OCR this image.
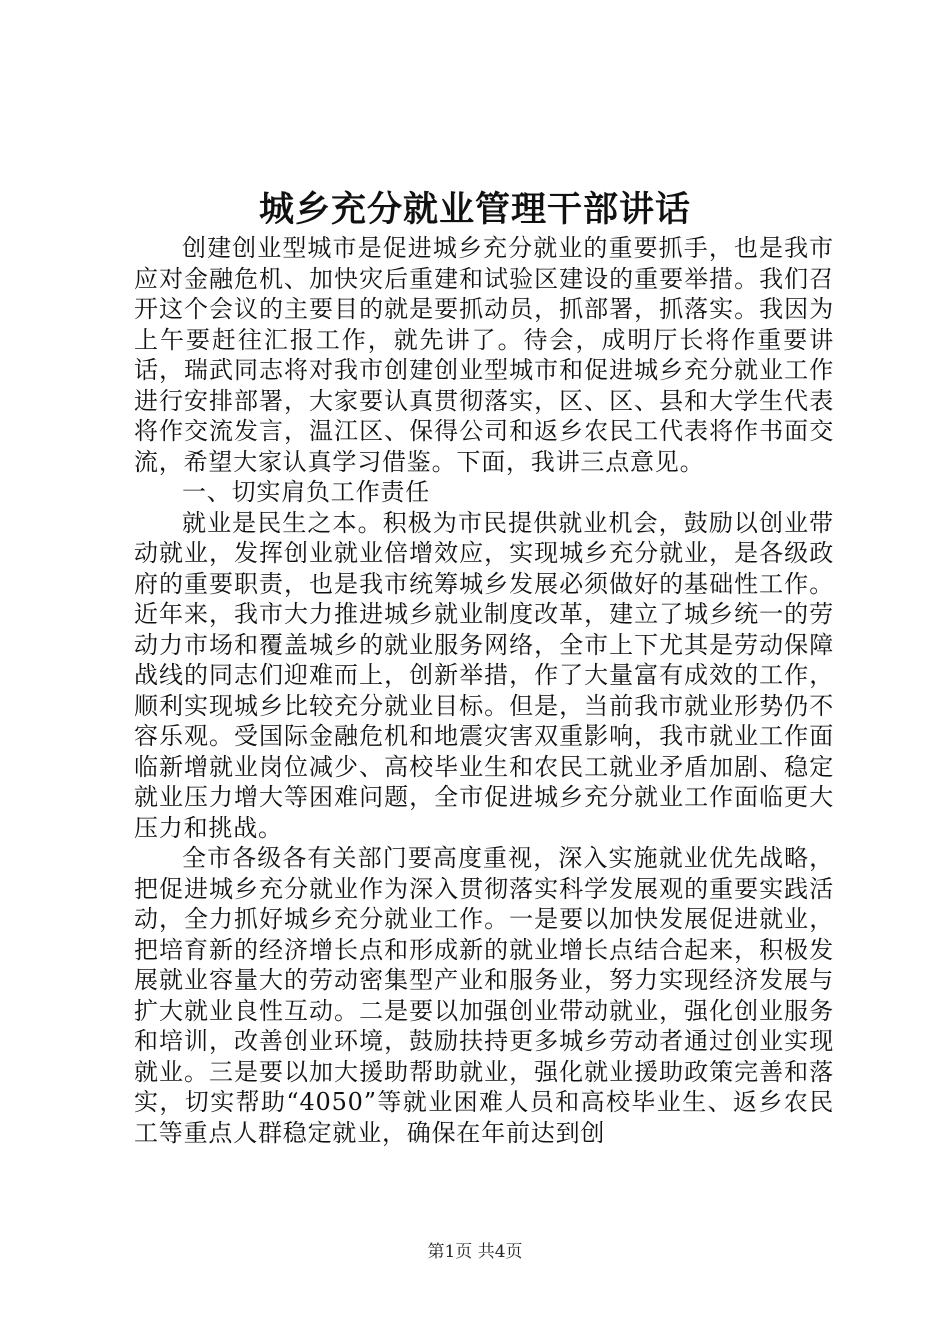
城乡充分就业管理干部讲话

创建创业型城市是促进城乡充分就业的重要抓手，也是我市应对金融危机、加快灾后重建和试验区建设的重要举措。我们召开这个会议的主要目的就是要抓动员，抓部署，抓落实。我因为上午要赶往汇报工作，就先讲了。待会，成明厅长将作重要讲话，瑞武同志将对我市创建创业型城市和促进城乡充分就业工作进行安排部署，大家要认真贯彻落实，区、区、县和大学生代表将作交流发言，温江区、保得公司和返乡农民工代表将作书面交流，希望大家认真学习借鉴。下面，我讲三点意见。

一、切实肩负工作责任

就业是民生之本。积极为市民提供就业机会，鼓励以创业带动就业，发挥创业就业倍增效应，实现城乡充分就业，是各级政府的重要职责，也是我市统筹城乡发展必须做好的基础性工作。近年来，我市大力推进城乡就业制度改革，建立了城乡统一的劳动力市场和覆盖城乡的就业服务网络，全市上下尤其是劳动保障战线的同志们迎难而上，创新举措，作了大量富有成效的工作，顺利实现城乡比较充分就业目标。但是，当前我市就业形势仍不容乐观。受国际金融危机和地震灾害双重影响，我市就业工作面临新增就业岗位减少、高校毕业生和农民工就业矛盾加剧、稳定就业压力增大等困难问题，全市促进城乡充分就业工作面临更大压力和挑战。

全市各级各有关部门要高度重视，深入实施就业优先战略，把促进城乡充分就业作为深入贯彻落实科学发展观的重要实践活动，全力抓好城乡充分就业工作。一是要以加快发展促进就业，把培育新的经济增长点和形成新的就业增长点结合起来，积极发展就业容量大的劳动密集型产业和服务业，努力实现经济发展与扩大就业良性互动。二是要以加强创业带动就业，强化创业服务和培训，改善创业环境，鼓励扶持更多城乡劳动者通过创业实现就业。三是要以加大援助帮助就业，强化就业援助政策完善和落实，切实帮助“4050”等就业困难人员和高校毕业生、返乡农民工等重点人群稳定就业，确保在年前达到创

第1页 共4页
